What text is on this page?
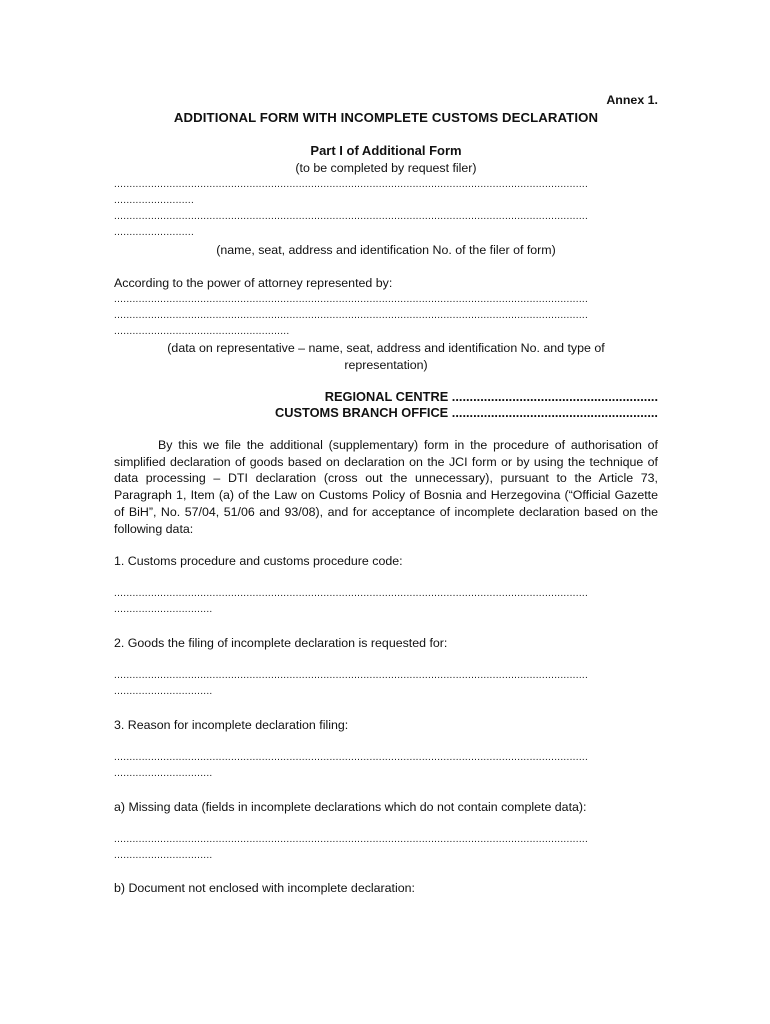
Annex 1.
ADDITIONAL FORM WITH INCOMPLETE CUSTOMS DECLARATION
Part I of Additional Form
(to be completed by request filer)
..........................................................................................................................................................
..........................
..........................................................................................................................................................
..........................
(name, seat, address and identification No. of the filer of form)
According to the power of attorney represented by:
..........................................................................................................................................................
..........................................................................................................................................................
.........................................................
(data on representative – name, seat, address and identification No. and type of
representation)
REGIONAL CENTRE ..........................................................
CUSTOMS BRANCH OFFICE ..........................................................
By this we file the additional (supplementary) form in the procedure of authorisation of simplified declaration of goods based on declaration on the JCI form or by using the technique of data processing – DTI declaration (cross out the unnecessary), pursuant to the Article 73, Paragraph 1, Item (a) of the Law on Customs Policy of Bosnia and Herzegovina (“Official Gazette of BiH”, No. 57/04, 51/06 and 93/08), and for acceptance of incomplete declaration based on the following data:
1. Customs procedure and customs procedure code:
..........................................................................................................................................................
................................
2. Goods the filing of incomplete declaration is requested for:
..........................................................................................................................................................
................................
3. Reason for incomplete declaration filing:
..........................................................................................................................................................
................................
a) Missing data (fields in incomplete declarations which do not contain complete data):
..........................................................................................................................................................
................................
b) Document not enclosed with incomplete declaration:
